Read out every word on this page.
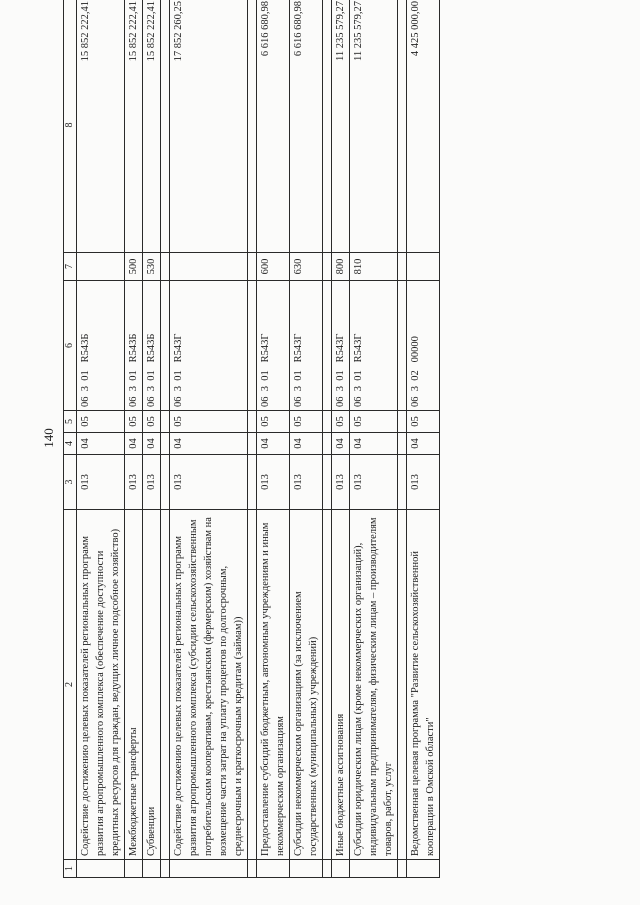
140
1	2	3	4	5	6	7	8
	Содействие достижению целевых показателей региональных программ развития агропромышленного комплекса (обеспечение доступности кредитных ресурсов для граждан, ведущих личное подсобное хозяйство)	013	04	05	06  3  01   R543Б		15 852 222,41
	Межбюджетные трансферты	013	04	05	06  3  01   R543Б	500	15 852 222,41
	Субвенции	013	04	05	06  3  01   R543Б	530	15 852 222,41

	Содействие достижению целевых показателей региональных программ развития агропромышленного комплекса (субсидии сельскохозяйственным потребительским кооперативам, крестьянским (фермерским) хозяйствам на возмещение части затрат на уплату процентов по долгосрочным, среднесрочным и краткосрочным кредитам (займам))	013	04	05	06  3  01   R543Г		17 852 260,25

	Предоставление субсидий бюджетным, автономным учреждениям и иным некоммерческим организациям	013	04	05	06  3  01   R543Г	600	6 616 680,98
	Субсидии некоммерческим организациям (за исключением государственных (муниципальных) учреждений)	013	04	05	06  3  01   R543Г	630	6 616 680,98

	Иные бюджетные ассигнования	013	04	05	06  3  01   R543Г	800	11 235 579,27
	Субсидии юридическим лицам (кроме некоммерческих организаций), индивидуальным предпринимателям, физическим лицам – производителям товаров, работ, услуг	013	04	05	06  3  01   R543Г	810	11 235 579,27

	Ведомственная целевая программа "Развитие сельскохозяйственной кооперации в Омской области"	013	04	05	06  3  02   00000		4 425 000,00
